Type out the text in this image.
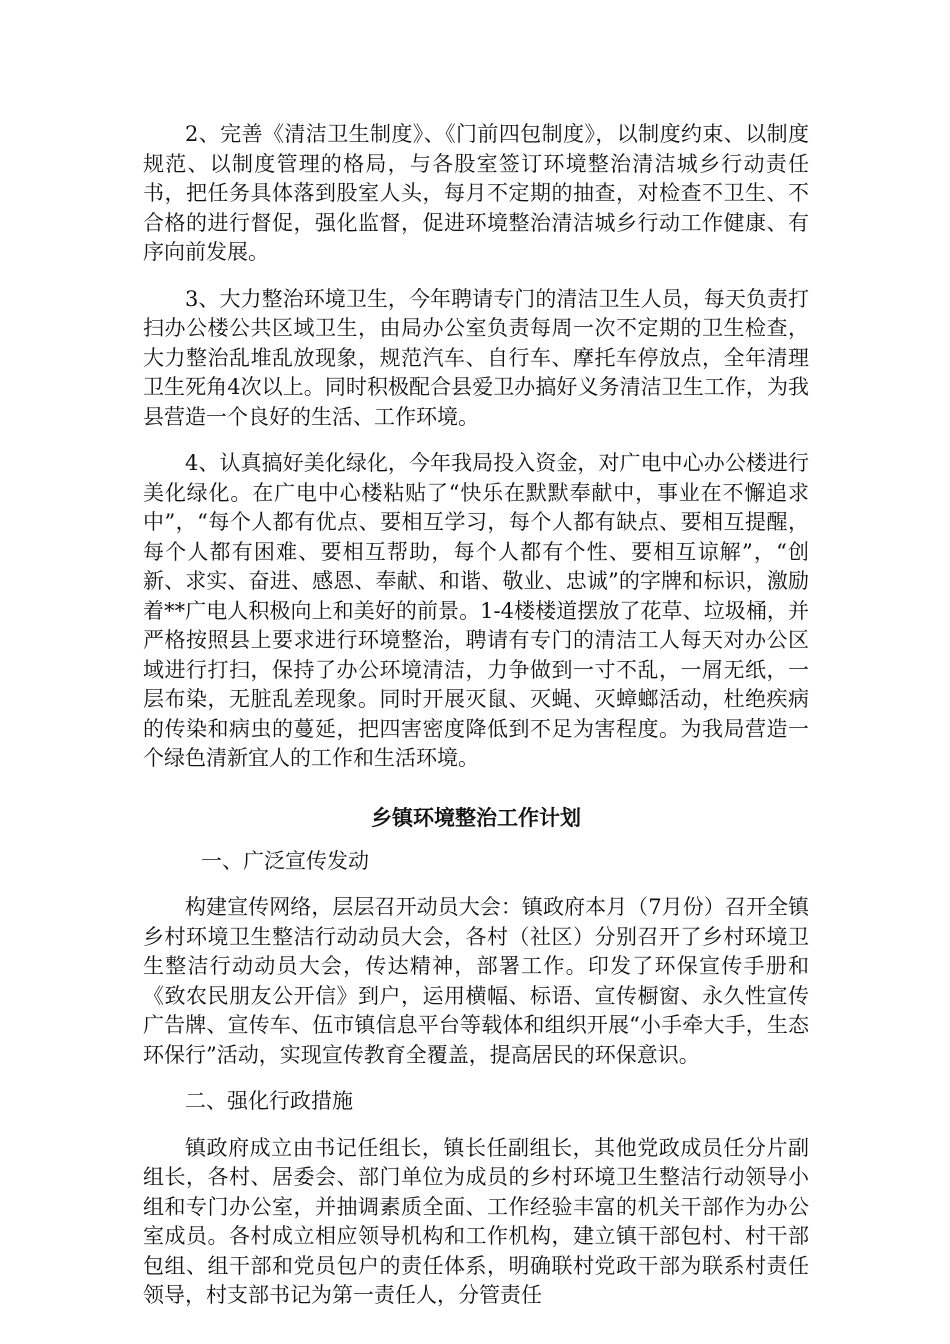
2、完善《清洁卫生制度》、《门前四包制度》，以制度约束、以制度规范、以制度管理的格局，与各股室签订环境整治清洁城乡行动责任书，把任务具体落到股室人头，每月不定期的抽查，对检查不卫生、不合格的进行督促，强化监督，促进环境整治清洁城乡行动工作健康、有序向前发展。

3、大力整治环境卫生，今年聘请专门的清洁卫生人员，每天负责打扫办公楼公共区域卫生，由局办公室负责每周一次不定期的卫生检查，大力整治乱堆乱放现象，规范汽车、自行车、摩托车停放点，全年清理卫生死角4次以上。同时积极配合县爱卫办搞好义务清洁卫生工作，为我县营造一个良好的生活、工作环境。

4、认真搞好美化绿化，今年我局投入资金，对广电中心办公楼进行美化绿化。在广电中心楼粘贴了“快乐在默默奉献中，事业在不懈追求中”，“每个人都有优点、要相互学习，每个人都有缺点、要相互提醒，每个人都有困难、要相互帮助，每个人都有个性、要相互谅解”，“创新、求实、奋进、感恩、奉献、和谐、敬业、忠诚”的字牌和标识，激励着**广电人积极向上和美好的前景。1-4楼楼道摆放了花草、垃圾桶，并严格按照县上要求进行环境整治，聘请有专门的清洁工人每天对办公区域进行打扫，保持了办公环境清洁，力争做到一寸不乱，一屑无纸，一层布染，无脏乱差现象。同时开展灭鼠、灭蝇、灭蟑螂活动，杜绝疾病的传染和病虫的蔓延，把四害密度降低到不足为害程度。为我局营造一个绿色清新宜人的工作和生活环境。

乡镇环境整治工作计划
一、广泛宣传发动

构建宣传网络，层层召开动员大会：镇政府本月（7月份）召开全镇乡村环境卫生整洁行动动员大会，各村（社区）分别召开了乡村环境卫生整洁行动动员大会，传达精神，部署工作。印发了环保宣传手册和《致农民朋友公开信》到户，运用横幅、标语、宣传橱窗、永久性宣传广告牌、宣传车、伍市镇信息平台等载体和组织开展“小手牵大手，生态环保行”活动，实现宣传教育全覆盖，提高居民的环保意识。

二、强化行政措施

镇政府成立由书记任组长，镇长任副组长，其他党政成员任分片副组长，各村、居委会、部门单位为成员的乡村环境卫生整洁行动领导小组和专门办公室，并抽调素质全面、工作经验丰富的机关干部作为办公室成员。各村成立相应领导机构和工作机构，建立镇干部包村、村干部包组、组干部和党员包户的责任体系，明确联村党政干部为联系村责任领导，村支部书记为第一责任人，分管责任
